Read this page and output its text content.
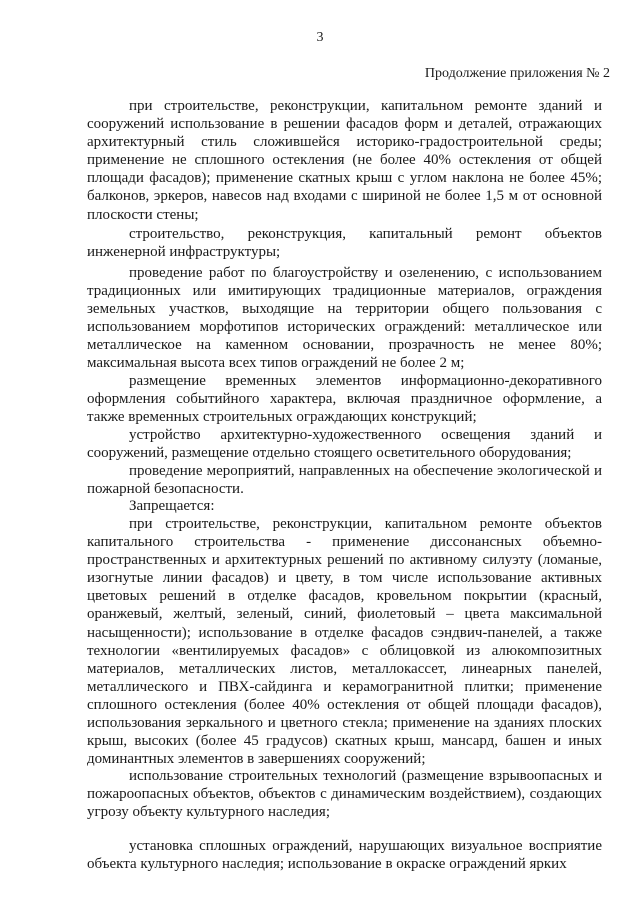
3
Продолжение приложения № 2

при строительстве, реконструкции, капитальном ремонте зданий и сооружений использование в решении фасадов форм и деталей, отражающих архитектурный стиль сложившейся историко-градостроительной среды; применение не сплошного остекления (не более 40% остекления от общей площади фасадов); применение скатных крыш с углом наклона не более 45%; балконов, эркеров, навесов над входами с шириной не более 1,5 м от основной плоскости стены;

строительство, реконструкция, капитальный ремонт объектов инженерной инфраструктуры;

проведение работ по благоустройству и озеленению, с использованием традиционных или имитирующих традиционные материалов, ограждения земельных участков, выходящие на территории общего пользования с использованием морфотипов исторических ограждений: металлическое или металлическое на каменном основании, прозрачность не менее 80%; максимальная высота всех типов ограждений не более 2 м;

размещение временных элементов информационно-декоративного оформления событийного характера, включая праздничное оформление, а также временных строительных ограждающих конструкций;

устройство архитектурно-художественного освещения зданий и сооружений, размещение отдельно стоящего осветительного оборудования;

проведение мероприятий, направленных на обеспечение экологической и пожарной безопасности.

Запрещается:

при строительстве, реконструкции, капитальном ремонте объектов капитального строительства - применение диссонансных объемно-пространственных и архитектурных решений по активному силуэту (ломаные, изогнутые линии фасадов) и цвету, в том числе использование активных цветовых решений в отделке фасадов, кровельном покрытии (красный, оранжевый, желтый, зеленый, синий, фиолетовый – цвета максимальной насыщенности); использование в отделке фасадов сэндвич-панелей, а также технологии «вентилируемых фасадов» с облицовкой из алюкомпозитных материалов, металлических листов, металлокассет, линеарных панелей, металлического и ПВХ-сайдинга и керамогранитной плитки; применение сплошного остекления (более 40% остекления от общей площади фасадов), использования зеркального и цветного стекла; применение на зданиях плоских крыш, высоких (более 45 градусов) скатных крыш, мансард, башен и иных доминантных элементов в завершениях сооружений;

использование строительных технологий (размещение взрывоопасных и пожароопасных объектов, объектов с динамическим воздействием), создающих угрозу объекту культурного наследия;

установка сплошных ограждений, нарушающих визуальное восприятие объекта культурного наследия; использование в окраске ограждений ярких
